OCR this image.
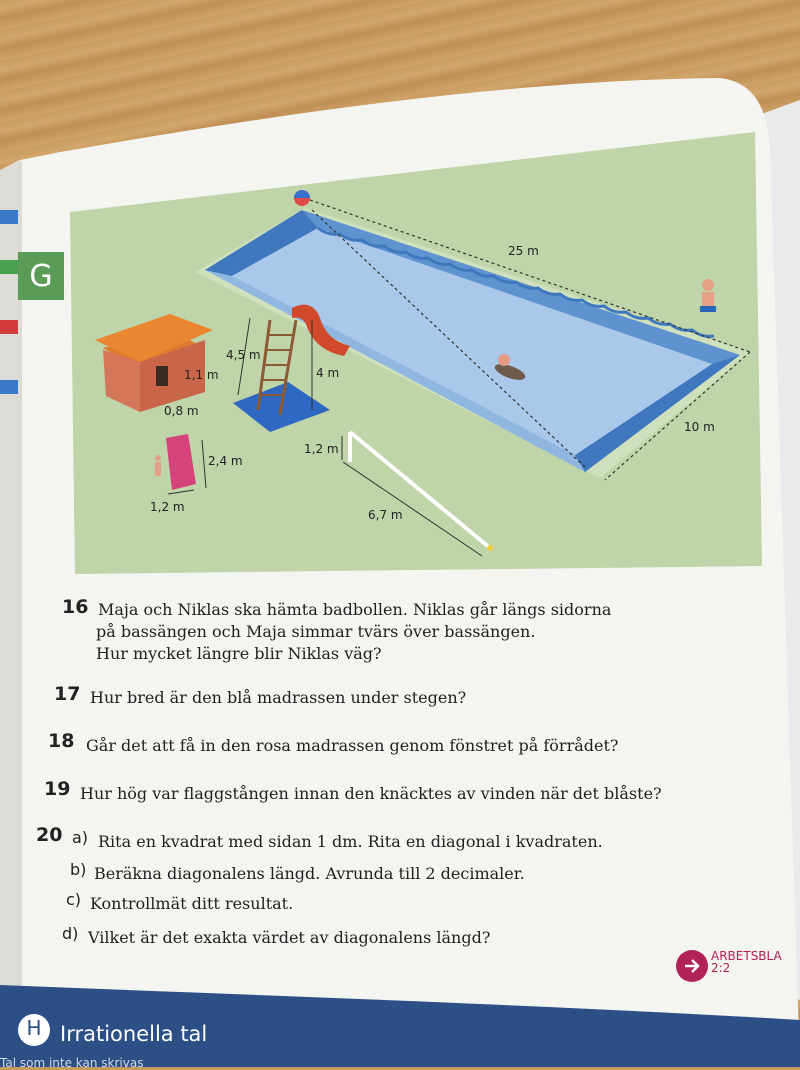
G
25 m
10 m
1,1 m
0,8 m
4,5 m
4 m
2,4 m
1,2 m
1,2 m
6,7 m
16 Maja och Niklas ska hämta badbollen. Niklas går längs sidorna
på bassängen och Maja simmar tvärs över bassängen.
Hur mycket längre blir Niklas väg?
17 Hur bred är den blå madrassen under stegen?
18 Går det att få in den rosa madrassen genom fönstret på förrådet?
19 Hur hög var flaggstången innan den knäcktes av vinden när det blåste?
20 a) Rita en kvadrat med sidan 1 dm. Rita en diagonal i kvadraten.
b) Beräkna diagonalens längd. Avrunda till 2 decimaler.
c) Kontrollmät ditt resultat.
d) Vilket är det exakta värdet av diagonalens längd?
ARBETSBLA
2:2
H Irrationella tal
Tal som inte kan skrivas
